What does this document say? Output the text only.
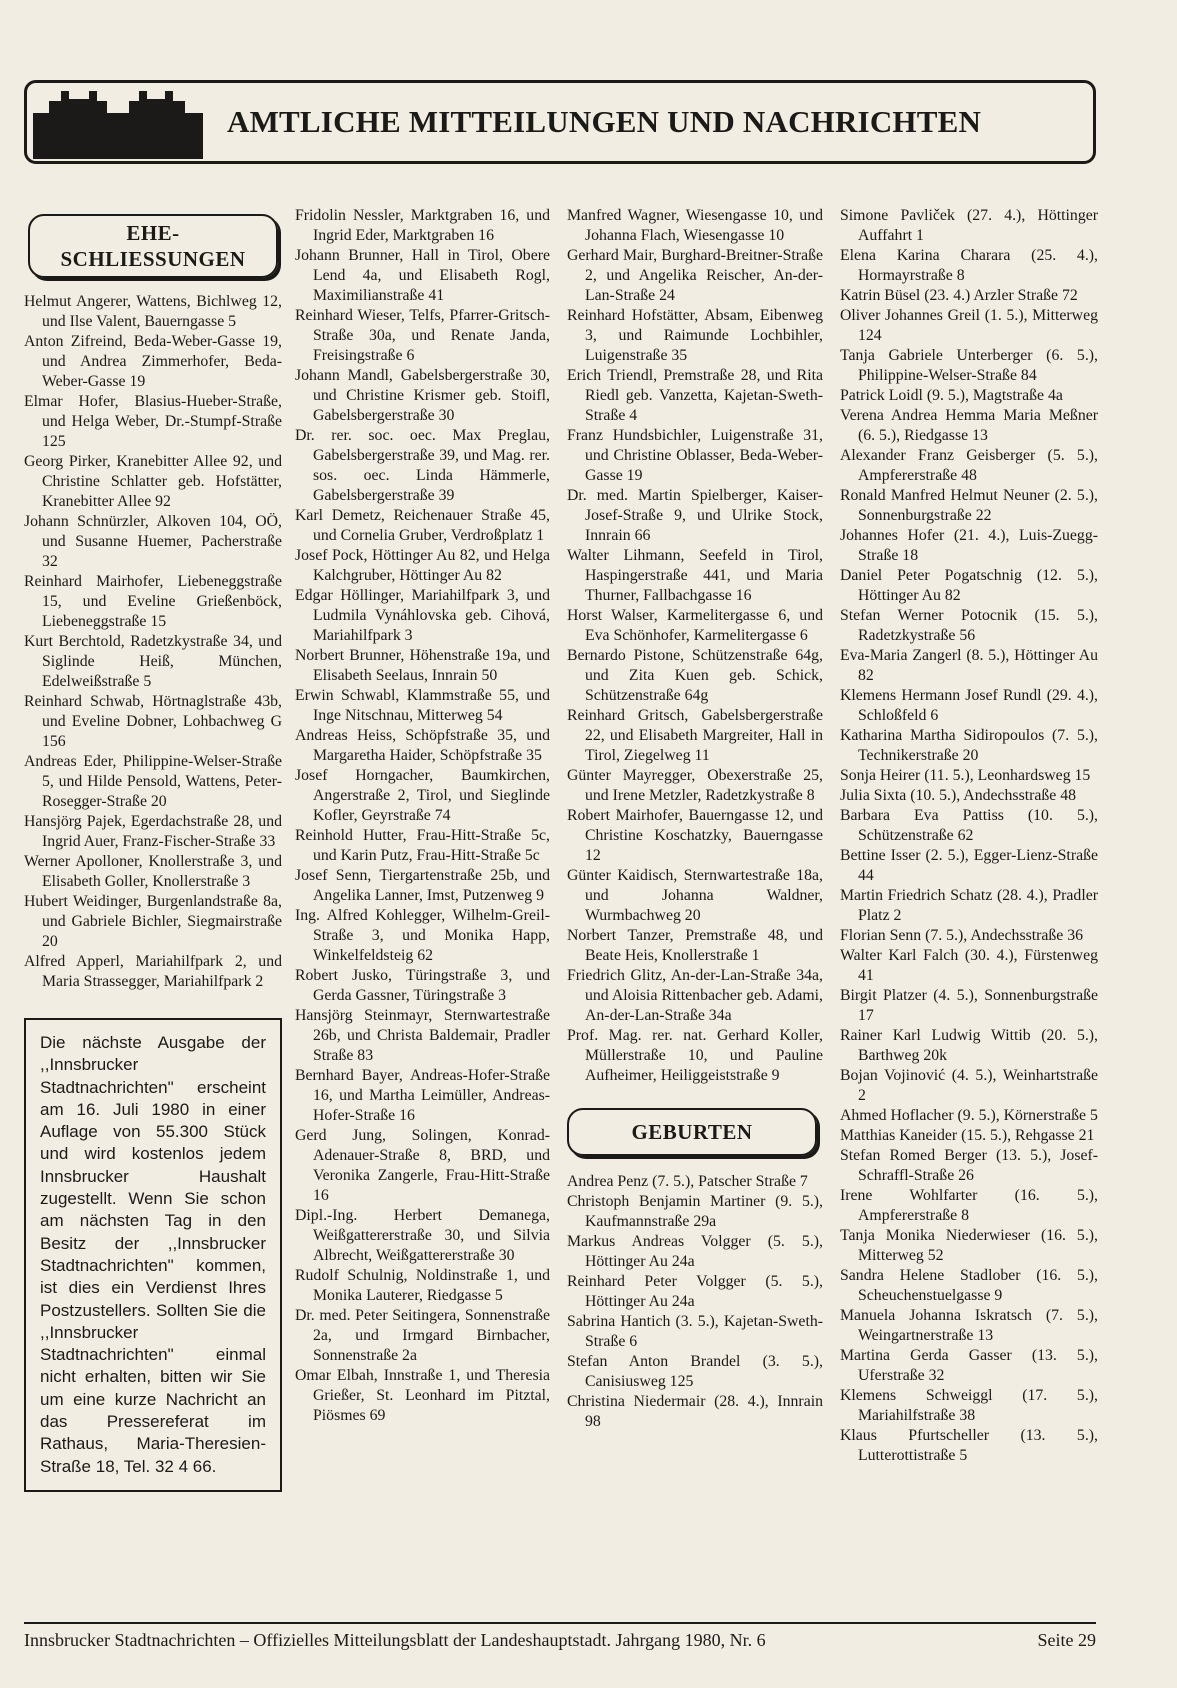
AMTLICHE MITTEILUNGEN UND NACHRICHTEN
EHE-
SCHLIESSUNGEN
Helmut Angerer, Wattens, Bichlweg 12, und Ilse Valent, Bauerngasse 5
Anton Zifreind, Beda-Weber-Gasse 19, und Andrea Zimmerhofer, Beda-Weber-Gasse 19
Elmar Hofer, Blasius-Hueber-Straße, und Helga Weber, Dr.-Stumpf-Straße 125
Georg Pirker, Kranebitter Allee 92, und Christine Schlatter geb. Hofstätter, Kranebitter Allee 92
Johann Schnürzler, Alkoven 104, OÖ, und Susanne Huemer, Pacherstraße 32
Reinhard Mairhofer, Liebeneggstraße 15, und Eveline Grießenböck, Liebeneggstraße 15
Kurt Berchtold, Radetzkystraße 34, und Siglinde Heiß, München, Edelweißstraße 5
Reinhard Schwab, Hörtnaglstraße 43b, und Eveline Dobner, Lohbachweg G 156
Andreas Eder, Philippine-Welser-Straße 5, und Hilde Pensold, Wattens, Peter-Rosegger-Straße 20
Hansjörg Pajek, Egerdachstraße 28, und Ingrid Auer, Franz-Fischer-Straße 33
Werner Apolloner, Knollerstraße 3, und Elisabeth Goller, Knollerstraße 3
Hubert Weidinger, Burgenlandstraße 8a, und Gabriele Bichler, Siegmairstraße 20
Alfred Apperl, Mariahilfpark 2, und Maria Strassegger, Mariahilfpark 2
Die nächste Ausgabe der ,,Innsbrucker Stadtnachrichten" erscheint am 16. Juli 1980 in einer Auflage von 55.300 Stück und wird kostenlos jedem Innsbrucker Haushalt zugestellt. Wenn Sie schon am nächsten Tag in den Besitz der ,,Innsbrucker Stadtnachrichten" kommen, ist dies ein Verdienst Ihres Postzustellers. Sollten Sie die ,,Innsbrucker Stadtnachrichten" einmal nicht erhalten, bitten wir Sie um eine kurze Nachricht an das Pressereferat im Rathaus, Maria-Theresien-Straße 18, Tel. 32 4 66.
Fridolin Nessler, Marktgraben 16, und Ingrid Eder, Marktgraben 16
Johann Brunner, Hall in Tirol, Obere Lend 4a, und Elisabeth Rogl, Maximilianstraße 41
Reinhard Wieser, Telfs, Pfarrer-Gritsch-Straße 30a, und Renate Janda, Freisingstraße 6
Johann Mandl, Gabelsbergerstraße 30, und Christine Krismer geb. Stoifl, Gabelsbergerstraße 30
Dr. rer. soc. oec. Max Preglau, Gabelsbergerstraße 39, und Mag. rer. sos. oec. Linda Hämmerle, Gabelsbergerstraße 39
Karl Demetz, Reichenauer Straße 45, und Cornelia Gruber, Verdroßplatz 1
Josef Pock, Höttinger Au 82, und Helga Kalchgruber, Höttinger Au 82
Edgar Höllinger, Mariahilfpark 3, und Ludmila Vynáhlovska geb. Cihová, Mariahilfpark 3
Norbert Brunner, Höhenstraße 19a, und Elisabeth Seelaus, Innrain 50
Erwin Schwabl, Klammstraße 55, und Inge Nitschnau, Mitterweg 54
Andreas Heiss, Schöpfstraße 35, und Margaretha Haider, Schöpfstraße 35
Josef Horngacher, Baumkirchen, Angerstraße 2, Tirol, und Sieglinde Kofler, Geyrstraße 74
Reinhold Hutter, Frau-Hitt-Straße 5c, und Karin Putz, Frau-Hitt-Straße 5c
Josef Senn, Tiergartenstraße 25b, und Angelika Lanner, Imst, Putzenweg 9
Ing. Alfred Kohlegger, Wilhelm-Greil-Straße 3, und Monika Happ, Winkelfeldsteig 62
Robert Jusko, Türingstraße 3, und Gerda Gassner, Türingstraße 3
Hansjörg Steinmayr, Sternwartestraße 26b, und Christa Baldemair, Pradler Straße 83
Bernhard Bayer, Andreas-Hofer-Straße 16, und Martha Leimüller, Andreas-Hofer-Straße 16
Gerd Jung, Solingen, Konrad-Adenauer-Straße 8, BRD, und Veronika Zangerle, Frau-Hitt-Straße 16
Dipl.-Ing. Herbert Demanega, Weißgattererstraße 30, und Silvia Albrecht, Weißgattererstraße 30
Rudolf Schulnig, Noldinstraße 1, und Monika Lauterer, Riedgasse 5
Dr. med. Peter Seitingera, Sonnenstraße 2a, und Irmgard Birnbacher, Sonnenstraße 2a
Omar Elbah, Innstraße 1, und Theresia Grießer, St. Leonhard im Pitztal, Piösmes 69
Manfred Wagner, Wiesengasse 10, und Johanna Flach, Wiesengasse 10
Gerhard Mair, Burghard-Breitner-Straße 2, und Angelika Reischer, An-der-Lan-Straße 24
Reinhard Hofstätter, Absam, Eibenweg 3, und Raimunde Lochbihler, Luigenstraße 35
Erich Triendl, Premstraße 28, und Rita Riedl geb. Vanzetta, Kajetan-Sweth-Straße 4
Franz Hundsbichler, Luigenstraße 31, und Christine Oblasser, Beda-Weber-Gasse 19
Dr. med. Martin Spielberger, Kaiser-Josef-Straße 9, und Ulrike Stock, Innrain 66
Walter Lihmann, Seefeld in Tirol, Haspingerstraße 441, und Maria Thurner, Fallbachgasse 16
Horst Walser, Karmelitergasse 6, und Eva Schönhofer, Karmelitergasse 6
Bernardo Pistone, Schützenstraße 64g, und Zita Kuen geb. Schick, Schützenstraße 64g
Reinhard Gritsch, Gabelsbergerstraße 22, und Elisabeth Margreiter, Hall in Tirol, Ziegelweg 11
Günter Mayregger, Obexerstraße 25, und Irene Metzler, Radetzkystraße 8
Robert Mairhofer, Bauerngasse 12, und Christine Koschatzky, Bauerngasse 12
Günter Kaidisch, Sternwartestraße 18a, und Johanna Waldner, Wurmbachweg 20
Norbert Tanzer, Premstraße 48, und Beate Heis, Knollerstraße 1
Friedrich Glitz, An-der-Lan-Straße 34a, und Aloisia Rittenbacher geb. Adami, An-der-Lan-Straße 34a
Prof. Mag. rer. nat. Gerhard Koller, Müllerstraße 10, und Pauline Aufheimer, Heiliggeiststraße 9
GEBURTEN
Andrea Penz (7. 5.), Patscher Straße 7
Christoph Benjamin Martiner (9. 5.), Kaufmannstraße 29a
Markus Andreas Volgger (5. 5.), Höttinger Au 24a
Reinhard Peter Volgger (5. 5.), Höttinger Au 24a
Sabrina Hantich (3. 5.), Kajetan-Sweth-Straße 6
Stefan Anton Brandel (3. 5.), Canisiusweg 125
Christina Niedermair (28. 4.), Innrain 98
Simone Pavliček (27. 4.), Höttinger Auffahrt 1
Elena Karina Charara (25. 4.), Hormayrstraße 8
Katrin Büsel (23. 4.) Arzler Straße 72
Oliver Johannes Greil (1. 5.), Mitterweg 124
Tanja Gabriele Unterberger (6. 5.), Philippine-Welser-Straße 84
Patrick Loidl (9. 5.), Magtstraße 4a
Verena Andrea Hemma Maria Meßner (6. 5.), Riedgasse 13
Alexander Franz Geisberger (5. 5.), Ampfererstraße 48
Ronald Manfred Helmut Neuner (2. 5.), Sonnenburgstraße 22
Johannes Hofer (21. 4.), Luis-Zuegg-Straße 18
Daniel Peter Pogatschnig (12. 5.), Höttinger Au 82
Stefan Werner Potocnik (15. 5.), Radetzkystraße 56
Eva-Maria Zangerl (8. 5.), Höttinger Au 82
Klemens Hermann Josef Rundl (29. 4.), Schloßfeld 6
Katharina Martha Sidiropoulos (7. 5.), Technikerstraße 20
Sonja Heirer (11. 5.), Leonhardsweg 15
Julia Sixta (10. 5.), Andechsstraße 48
Barbara Eva Pattiss (10. 5.), Schützenstraße 62
Bettine Isser (2. 5.), Egger-Lienz-Straße 44
Martin Friedrich Schatz (28. 4.), Pradler Platz 2
Florian Senn (7. 5.), Andechsstraße 36
Walter Karl Falch (30. 4.), Fürstenweg 41
Birgit Platzer (4. 5.), Sonnenburgstraße 17
Rainer Karl Ludwig Wittib (20. 5.), Barthweg 20k
Bojan Vojinović (4. 5.), Weinhartstraße 2
Ahmed Hoflacher (9. 5.), Körnerstraße 5
Matthias Kaneider (15. 5.), Rehgasse 21
Stefan Romed Berger (13. 5.), Josef-Schraffl-Straße 26
Irene Wohlfarter (16. 5.), Ampfererstraße 8
Tanja Monika Niederwieser (16. 5.), Mitterweg 52
Sandra Helene Stadlober (16. 5.), Scheuchenstuelgasse 9
Manuela Johanna Iskratsch (7. 5.), Weingartnerstraße 13
Martina Gerda Gasser (13. 5.), Uferstraße 32
Klemens Schweiggl (17. 5.), Mariahilfstraße 38
Klaus Pfurtscheller (13. 5.), Lutterottistraße 5
Innsbrucker Stadtnachrichten – Offizielles Mitteilungsblatt der Landeshauptstadt. Jahrgang 1980, Nr. 6	Seite 29
